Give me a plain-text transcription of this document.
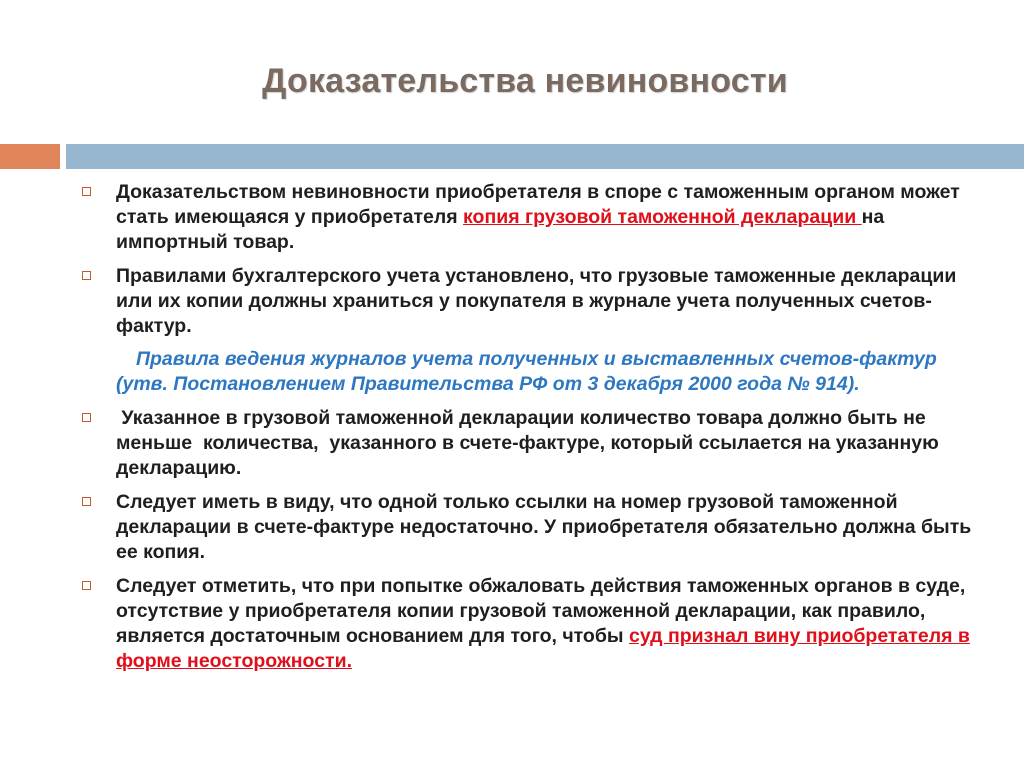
Доказательства невиновности
Доказательством невиновности приобретателя в споре с таможенным органом может стать имеющаяся у приобретателя копия грузовой таможенной декларации на импортный товар.
Правилами бухгалтерского учета установлено, что грузовые таможенные декларации или их копии должны храниться у покупателя в журнале учета полученных счетов-фактур.
Правила ведения журналов учета полученных и выставленных счетов-фактур (утв. Постановлением Правительства РФ от 3 декабря 2000 года № 914).
Указанное в грузовой таможенной декларации количество товара должно быть не меньше  количества,  указанного в счете-фактуре, который ссылается на указанную декларацию.
Следует иметь в виду, что одной только ссылки на номер грузовой таможенной декларации в счете-фактуре недостаточно. У приобретателя обязательно должна быть ее копия.
Следует отметить, что при попытке обжаловать действия таможенных органов в суде, отсутствие у приобретателя копии грузовой таможенной декларации, как правило, является достаточным основанием для того, чтобы суд признал вину приобретателя в форме неосторожности.
